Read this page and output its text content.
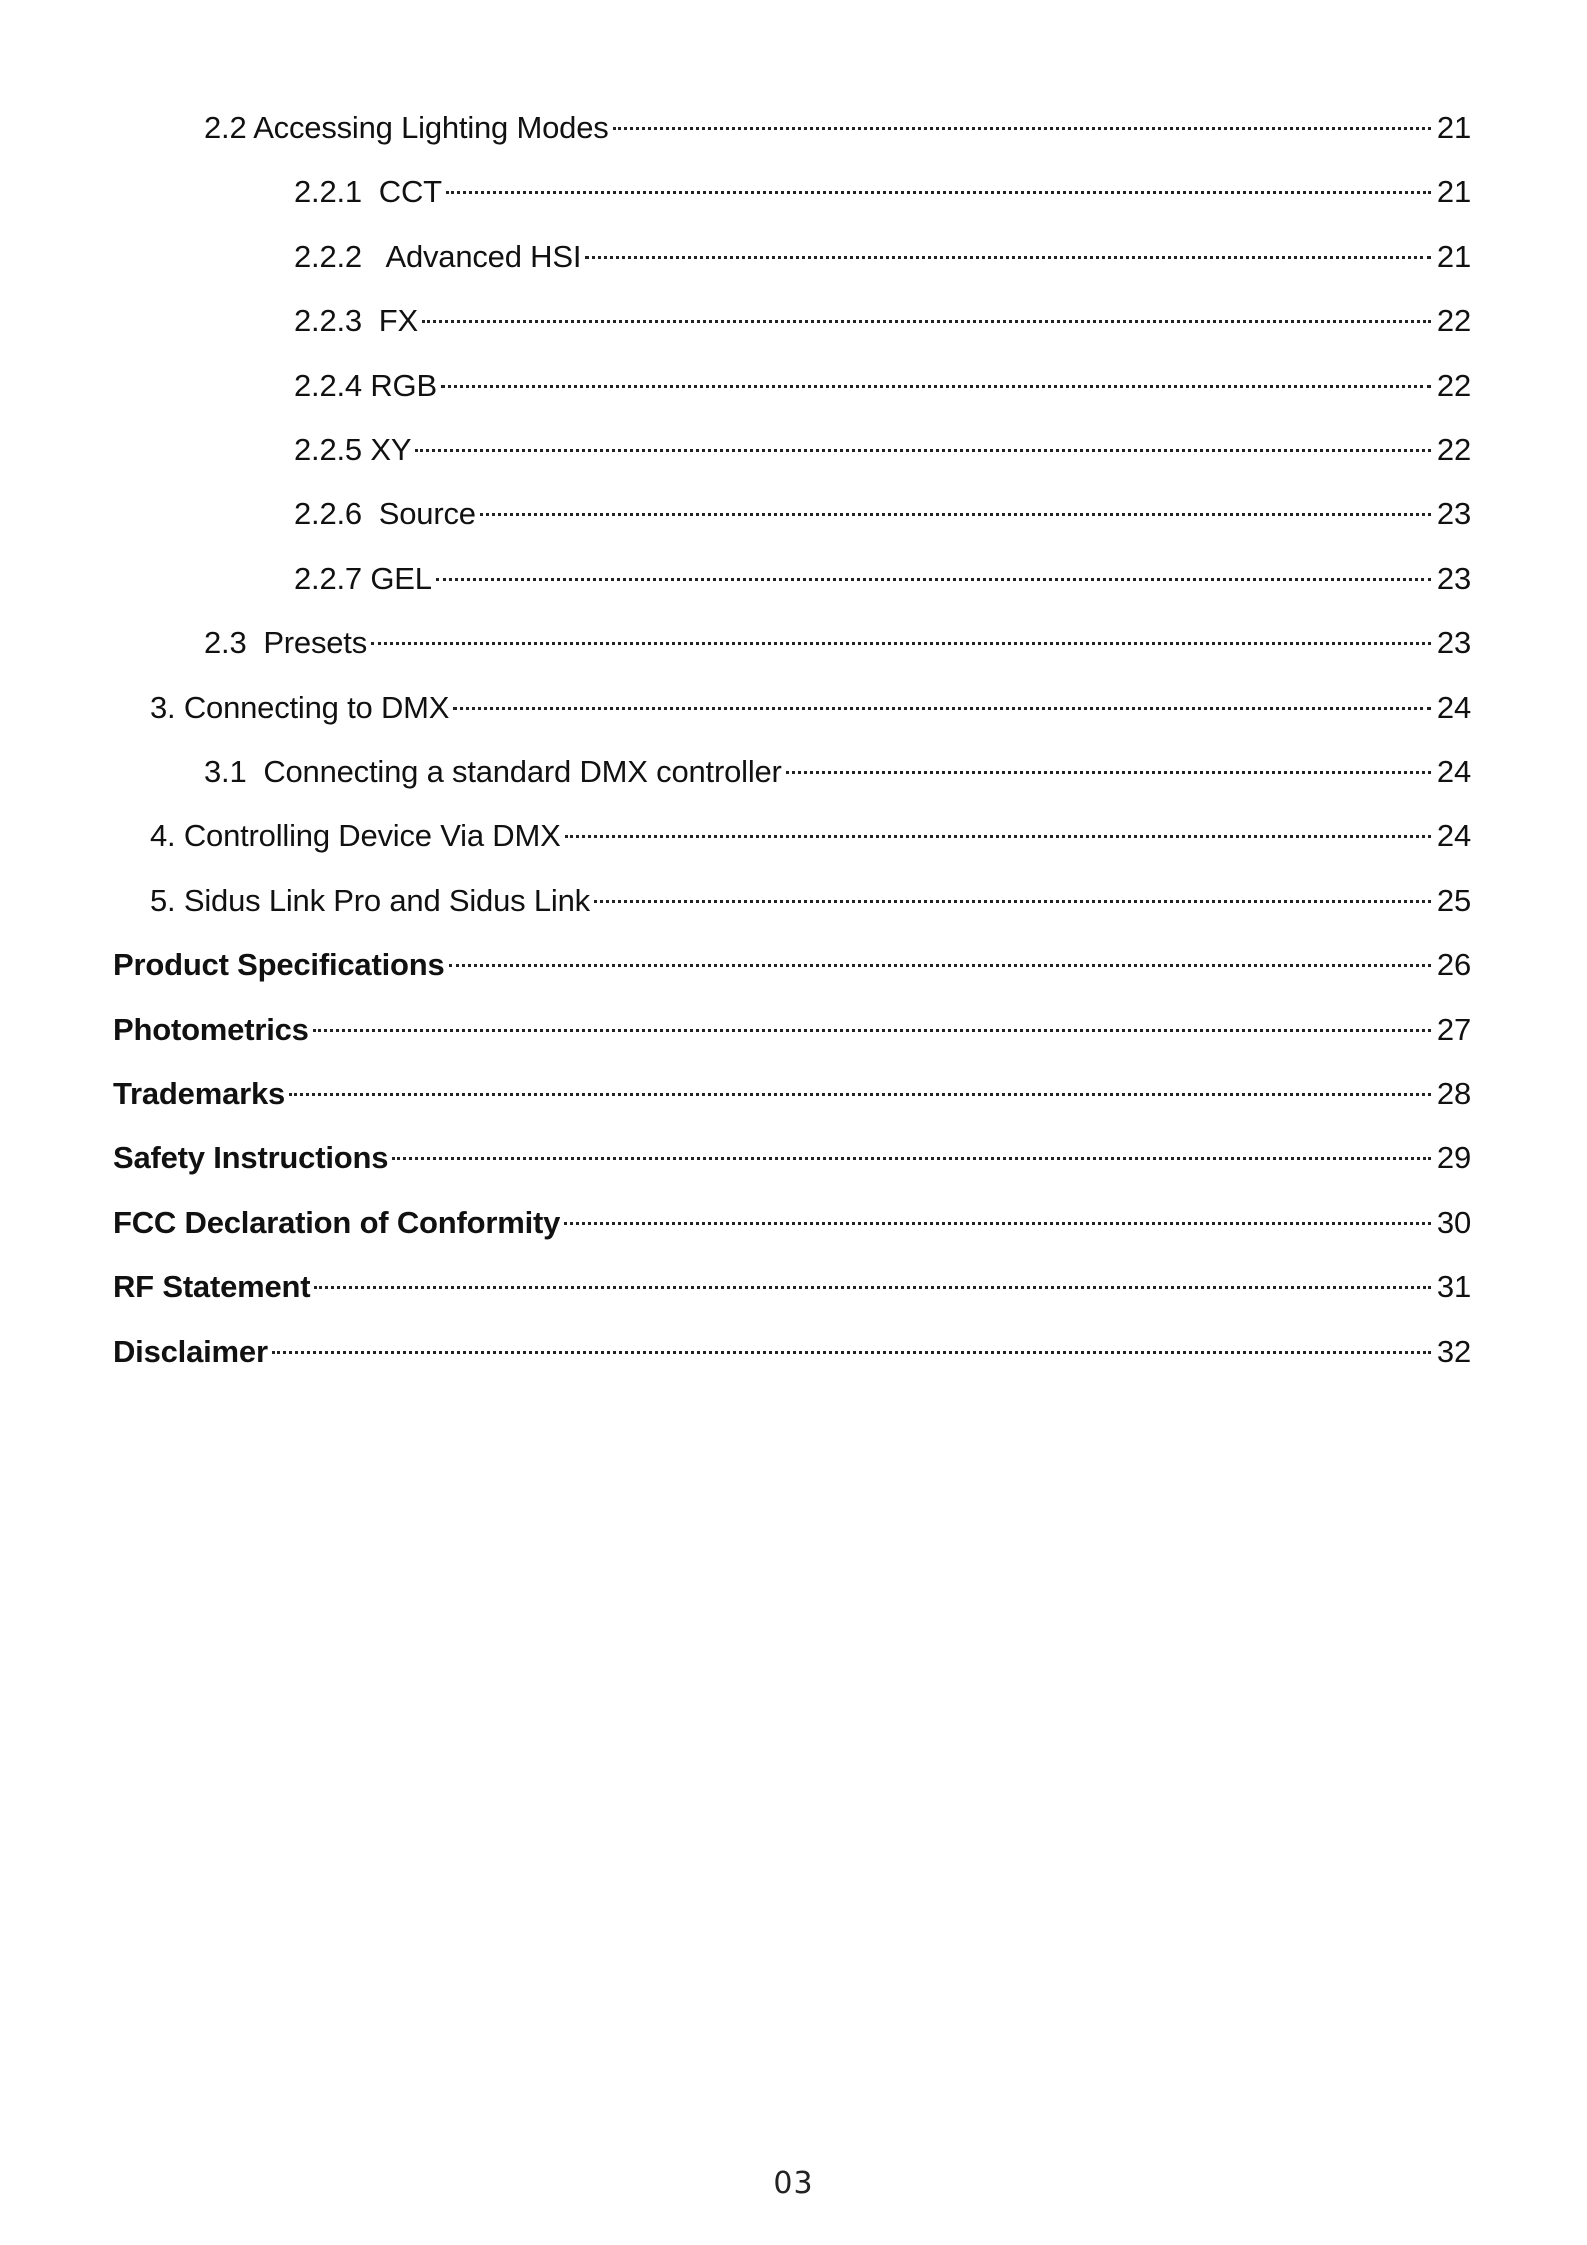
2.2 Accessing Lighting Modes	21
2.2.1  CCT	21
2.2.2   Advanced HSI	21
2.2.3  FX	22
2.2.4 RGB	22
2.2.5 XY	22
2.2.6  Source	23
2.2.7 GEL	23
2.3  Presets	23
3. Connecting to DMX	24
3.1  Connecting a standard DMX controller	24
4. Controlling Device Via DMX	24
5. Sidus Link Pro and Sidus Link	25
Product Specifications	26
Photometrics	27
Trademarks	28
Safety Instructions	29
FCC Declaration of Conformity	30
RF Statement	31
Disclaimer	32
03
